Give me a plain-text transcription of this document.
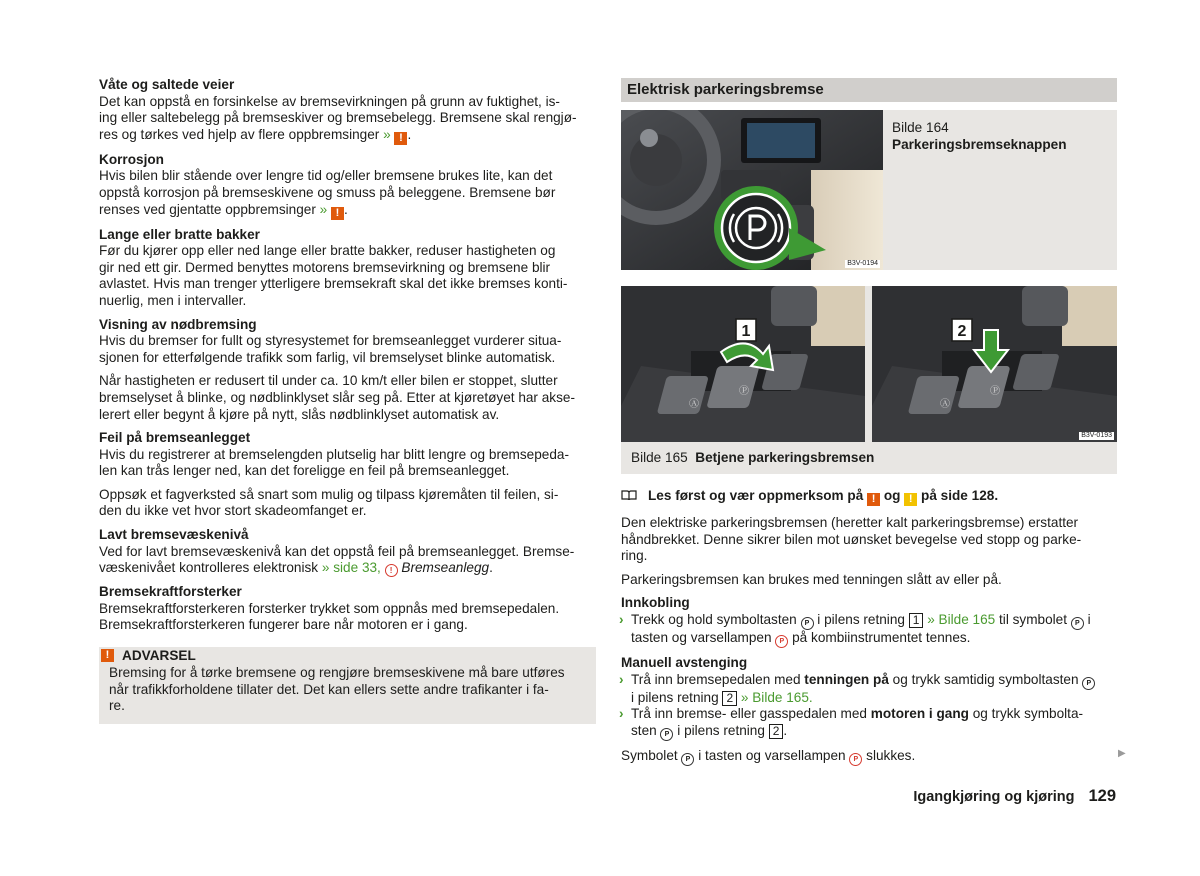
Våte og saltede veier

Det kan oppstå en forsinkelse av bremsevirkningen på grunn av fuktighet, is-

ing eller saltebelegg på bremseskiver og bremsebelegg. Bremsene skal rengjø-

res og tørkes ved hjelp av flere oppbremsinger » ! .

Korrosjon

Hvis bilen blir stående over lengre tid og/eller bremsene brukes lite, kan det

oppstå korrosjon på bremseskivene og smuss på beleggene. Bremsene bør

renses ved gjentatte oppbremsinger » ! .

Lange eller bratte bakker

Før du kjører opp eller ned lange eller bratte bakker, reduser hastigheten og

gir ned ett gir. Dermed benyttes motorens bremsevirkning og bremsene blir

avlastet. Hvis man trenger ytterligere bremsekraft skal det ikke bremses konti-

nuerlig, men i intervaller.

Visning av nødbremsing

Hvis du bremser for fullt og styresystemet for bremseanlegget vurderer situa-

sjonen for etterfølgende trafikk som farlig, vil bremselyset blinke automatisk.

Når hastigheten er redusert til under ca. 10 km/t eller bilen er stoppet, slutter

bremselyset å blinke, og nødblinklyset slår seg på. Etter at kjøretøyet har akse-

lerert eller begynt å kjøre på nytt, slås nødblinklyset automatisk av.

Feil på bremseanlegget

Hvis du registrerer at bremselengden plutselig har blitt lengre og bremsepeda-

len kan trås lenger ned, kan det foreligge en feil på bremseanlegget.

Oppsøk et fagverksted så snart som mulig og tilpass kjøremåten til feilen, si-

den du ikke vet hvor stort skadeomfanget er.

Lavt bremsevæskenivå

Ved for lavt bremsevæskenivå kan det oppstå feil på bremseanlegget. Bremse-

væskenivået kontrolleres elektronisk » side 33, ! Bremseanlegg.

Bremsekraftforsterker

Bremsekraftforsterkeren forsterker trykket som oppnås med bremsepedalen.

Bremsekraftforsterkeren fungerer bare når motoren er i gang.

! ADVARSEL

Bremsing for å tørke bremsene og rengjøre bremseskivene må bare utføres

når trafikkforholdene tillater det. Det kan ellers sette andre trafikanter i fa-

re.

Elektrisk parkeringsbremse
B3V-0194

Bilde 164

Parkeringsbremseknappen

Ⓐ
Ⓟ
1
Ⓐ
Ⓟ
2
B3V-0193
Bilde 165 Betjene parkeringsbremsen
Les først og vær oppmerksom på ! og ! på side 128.

Den elektriske parkeringsbremsen (heretter kalt parkeringsbremse) erstatter

håndbrekket. Denne sikrer bilen mot uønsket bevegelse ved stopp og parke-

ring.

Parkeringsbremsen kan brukes med tenningen slått av eller på.

Innkobling

› Trekk og hold symboltasten P i pilens retning 1 » Bilde 165 til symbolet P i

tasten og varsellampen P på kombiinstrumentet tennes.

Manuell avstenging

› Trå inn bremsepedalen med tenningen på og trykk samtidig symboltasten P

i pilens retning 2 » Bilde 165.

› Trå inn bremse- eller gasspedalen med motoren i gang og trykk symbolta-

sten P i pilens retning 2 .

Symbolet P i tasten og varsellampen P slukkes.	▶
Igangkjøring og kjøring 129
